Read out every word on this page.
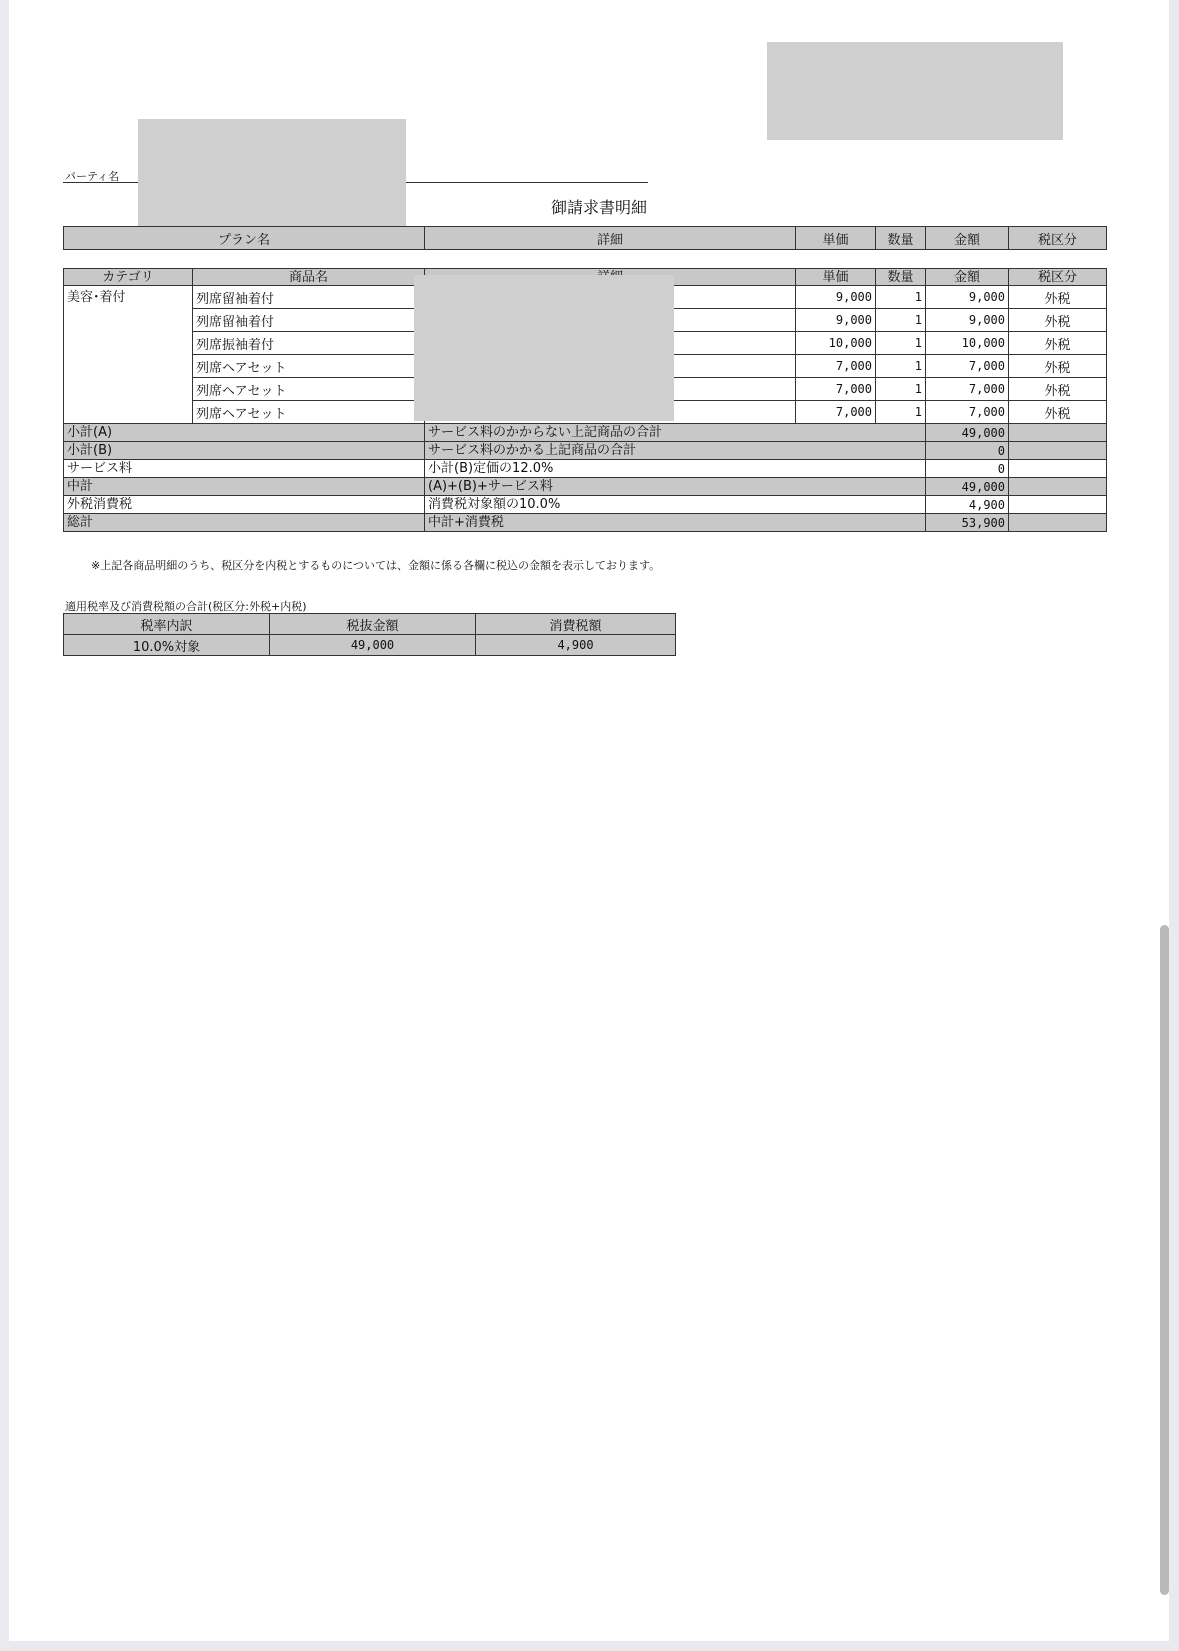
パーティ名
御請求書明細
プラン名	詳細	単価	数量	金額	税区分
カテゴリ	商品名		単価	数量	金額	税区分
美容･着付	列席留袖着付		9,000	1	9,000	外税
	列席留袖着付		9,000	1	9,000	外税
	列席振袖着付		10,000	1	10,000	外税
	列席ヘアセット		7,000	1	7,000	外税
	列席ヘアセット		7,000	1	7,000	外税
	列席ヘアセット		7,000	1	7,000	外税
小計(A)		サービス料のかからない上記商品の合計			49,000	
小計(B)		サービス料のかかる上記商品の合計			0	
サービス料		小計(B)定価の12.0%			0	
中計		(A)+(B)+サービス料			49,000	
外税消費税		消費税対象額の10.0%			4,900	
総計		中計+消費税			53,900	
※上記各商品明細のうち、税区分を内税とするものについては、金額に係る各欄に税込の金額を表示しております。
適用税率及び消費税額の合計(税区分:外税+内税)
税率内訳	税抜金額	消費税額
10.0%対象	49,000	4,900
